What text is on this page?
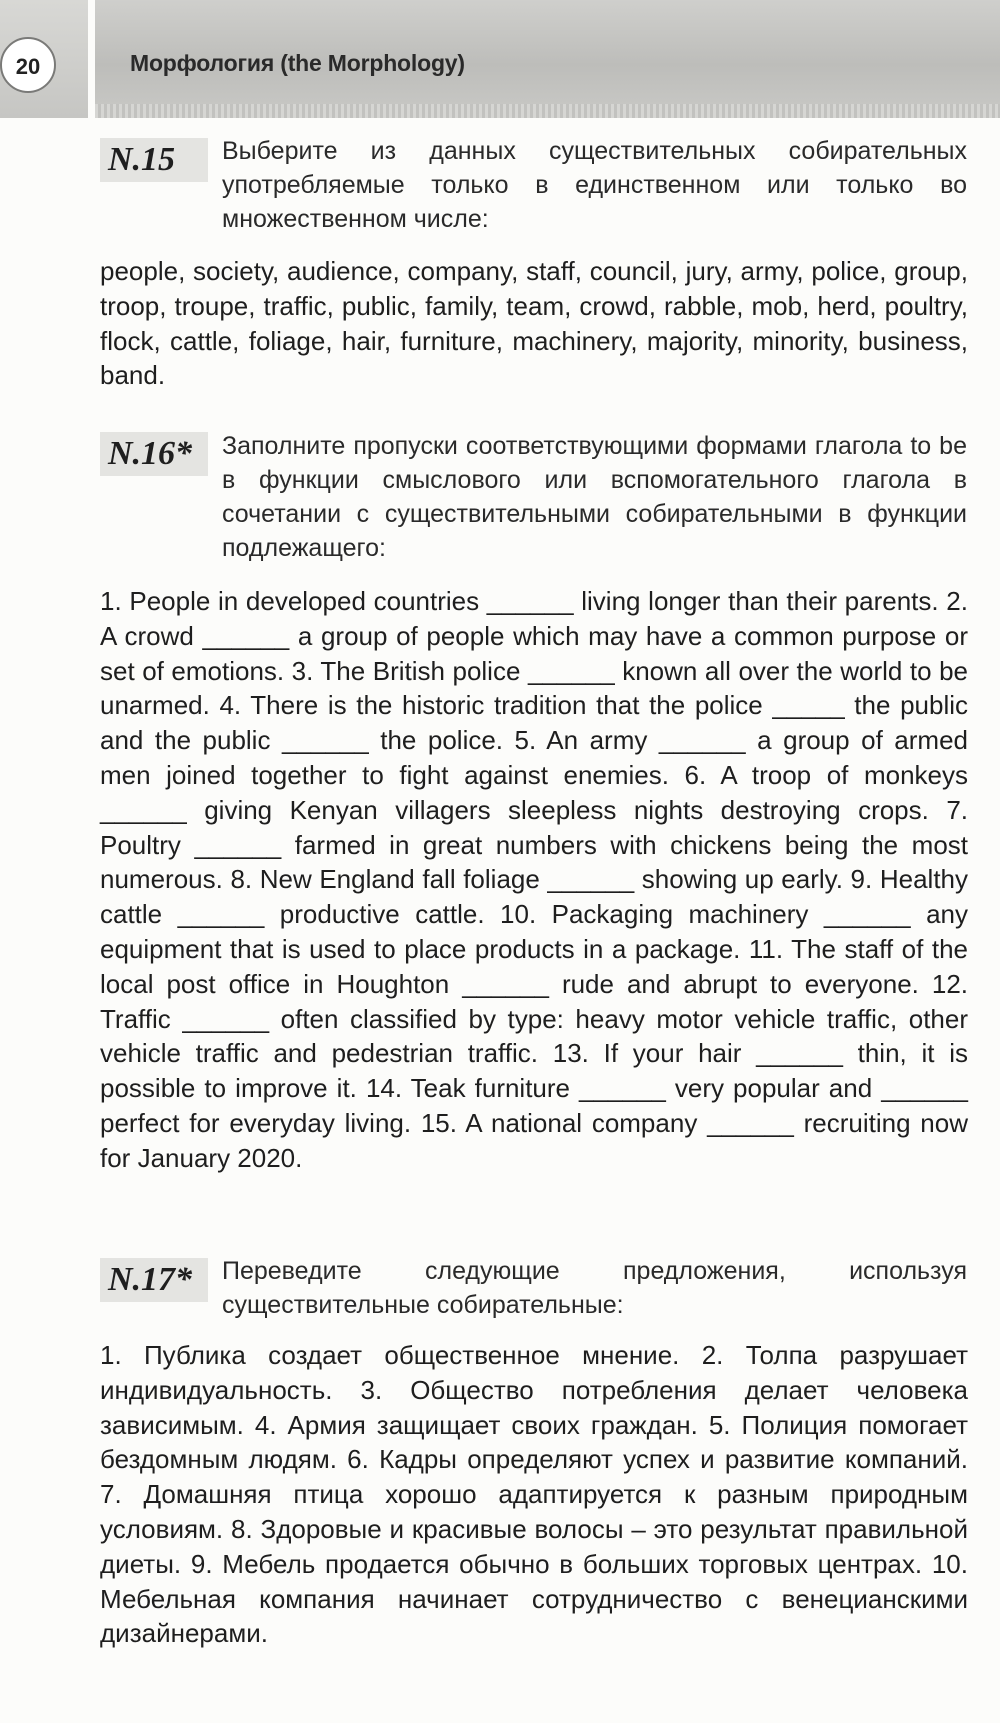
20	Морфология (the Morphology)
N.15	Выберите из данных существительных собирательных употребляемые только в единственном или только во множественном числе:
people, society, audience, company, staff, council, jury, army, police, group, troop, troupe, traffic, public, family, team, crowd, rabble, mob, herd, poultry, flock, cattle, foliage, hair, furniture, machinery, majority, minority, business, band.
N.16*	Заполните пропуски соответствующими формами глагола to be в функции смыслового или вспомогательного глагола в сочетании с существительными собирательными в функции подлежащего:
1. People in developed countries ______ living longer than their parents. 2. A crowd ______ a group of people which may have a common purpose or set of emotions. 3. The British police ______ known all over the world to be unarmed. 4. There is the historic tradition that the police _____ the public and the public ______ the police. 5. An army ______ a group of armed men joined together to fight against enemies. 6. A troop of monkeys ______ giving Kenyan villagers sleepless nights destroying crops. 7. Poultry ______ farmed in great numbers with chickens being the most numerous. 8. New England fall foliage ______ showing up early. 9. Healthy cattle ______ productive cattle. 10. Packaging machinery ______ any equipment that is used to place products in a package. 11. The staff of the local post office in Houghton ______ rude and abrupt to everyone. 12. Traffic ______ often classified by type: heavy motor vehicle traffic, other vehicle traffic and pedestrian traffic. 13. If your hair ______ thin, it is possible to improve it. 14. Teak furniture ______ very popular and ______ perfect for everyday living. 15. A national company ______ recruiting now for January 2020.
N.17*	Переведите следующие предложения, используя существительные собирательные:
1. Публика создает общественное мнение. 2. Толпа разрушает индивидуальность. 3. Общество потребления делает человека зависимым. 4. Армия защищает своих граждан. 5. Полиция помогает бездомным людям. 6. Кадры определяют успех и развитие компаний. 7. Домашняя птица хорошо адаптируется к разным природным условиям. 8. Здоровые и красивые волосы – это результат правильной диеты. 9. Мебель продается обычно в больших торговых центрах. 10. Мебельная компания начинает сотрудничество с венецианскими дизайнерами.
